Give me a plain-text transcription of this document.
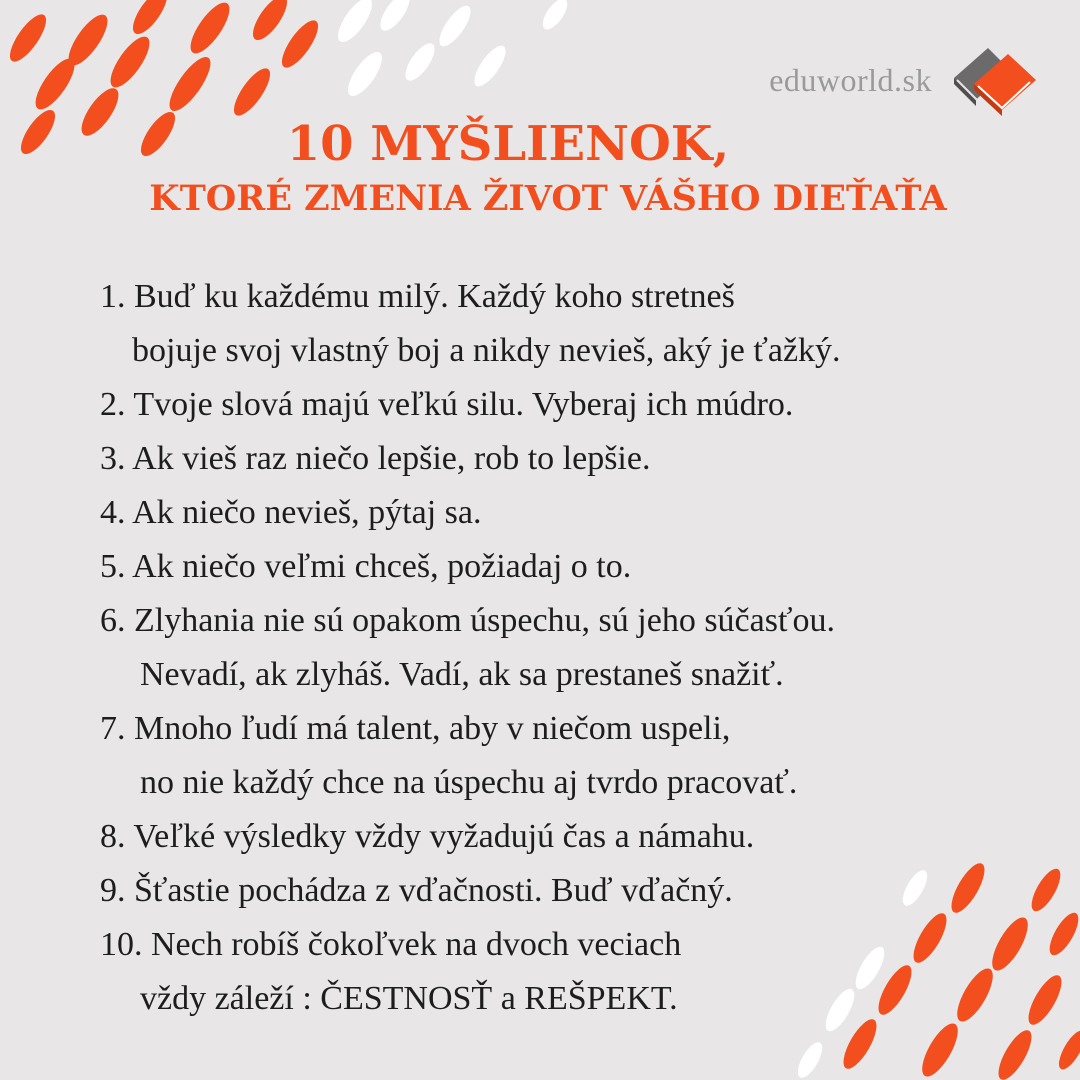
eduworld.sk
10 MYŠLIENOK,
KTORÉ ZMENIA ŽIVOT VÁŠHO DIEŤAŤA
1. Buď ku každému milý. Každý koho stretneš
bojuje svoj vlastný boj a nikdy nevieš, aký je ťažký.
2. Tvoje slová majú veľkú silu. Vyberaj ich múdro.
3. Ak vieš raz niečo lepšie, rob to lepšie.
4. Ak niečo nevieš, pýtaj sa.
5. Ak niečo veľmi chceš, požiadaj o to.
6. Zlyhania nie sú opakom úspechu, sú jeho súčasťou.
Nevadí, ak zlyháš. Vadí, ak sa prestaneš snažiť.
7. Mnoho ľudí má talent, aby v niečom uspeli,
no nie každý chce na úspechu aj tvrdo pracovať.
8. Veľké výsledky vždy vyžadujú čas a námahu.
9. Šťastie pochádza z vďačnosti. Buď vďačný.
10. Nech robíš čokoľvek na dvoch veciach
vždy záleží : ČESTNOSŤ a REŠPEKT.
